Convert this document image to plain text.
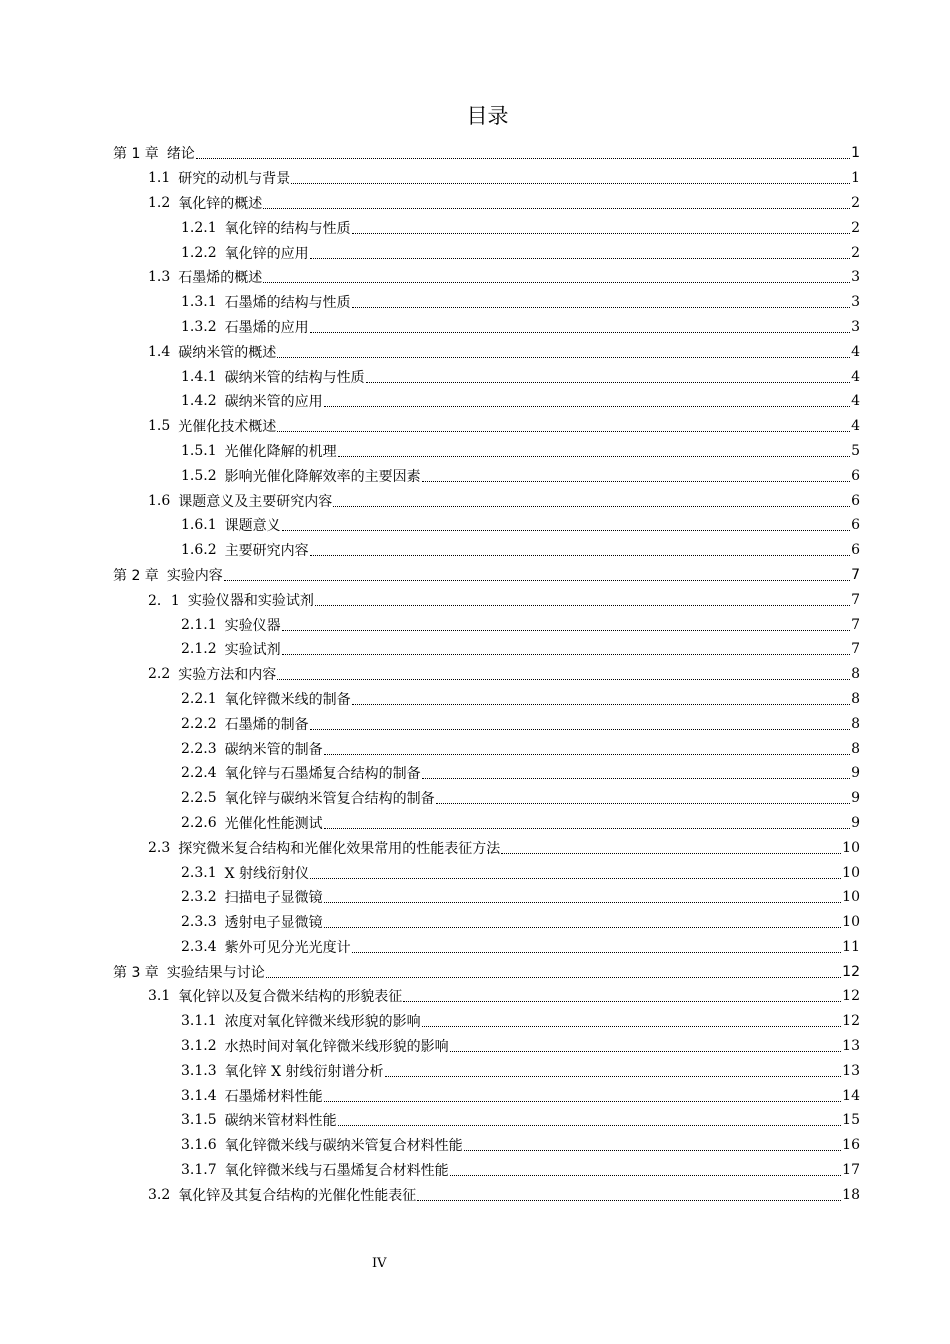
目录
第 1 章 绪论	1
1.1 研究的动机与背景	1
1.2 氧化锌的概述	2
1.2.1 氧化锌的结构与性质	2
1.2.2 氧化锌的应用	2
1.3 石墨烯的概述	3
1.3.1 石墨烯的结构与性质	3
1.3.2 石墨烯的应用	3
1.4 碳纳米管的概述	4
1.4.1 碳纳米管的结构与性质	4
1.4.2 碳纳米管的应用	4
1.5 光催化技术概述	4
1.5.1 光催化降解的机理	5
1.5.2 影响光催化降解效率的主要因素	6
1.6 课题意义及主要研究内容	6
1.6.1 课题意义	6
1.6.2 主要研究内容	6
第 2 章 实验内容	7
2．1 实验仪器和实验试剂	7
2.1.1 实验仪器	7
2.1.2 实验试剂	7
2.2 实验方法和内容	8
2.2.1 氧化锌微米线的制备	8
2.2.2 石墨烯的制备	8
2.2.3 碳纳米管的制备	8
2.2.4 氧化锌与石墨烯复合结构的制备	9
2.2.5 氧化锌与碳纳米管复合结构的制备	9
2.2.6 光催化性能测试	9
2.3 探究微米复合结构和光催化效果常用的性能表征方法	10
2.3.1 X 射线衍射仪	10
2.3.2 扫描电子显微镜	10
2.3.3 透射电子显微镜	10
2.3.4 紫外可见分光光度计	11
第 3 章 实验结果与讨论	12
3.1 氧化锌以及复合微米结构的形貌表征	12
3.1.1 浓度对氧化锌微米线形貌的影响	12
3.1.2 水热时间对氧化锌微米线形貌的影响	13
3.1.3 氧化锌 X 射线衍射谱分析	13
3.1.4 石墨烯材料性能	14
3.1.5 碳纳米管材料性能	15
3.1.6 氧化锌微米线与碳纳米管复合材料性能	16
3.1.7 氧化锌微米线与石墨烯复合材料性能	17
3.2 氧化锌及其复合结构的光催化性能表征	18
IV
